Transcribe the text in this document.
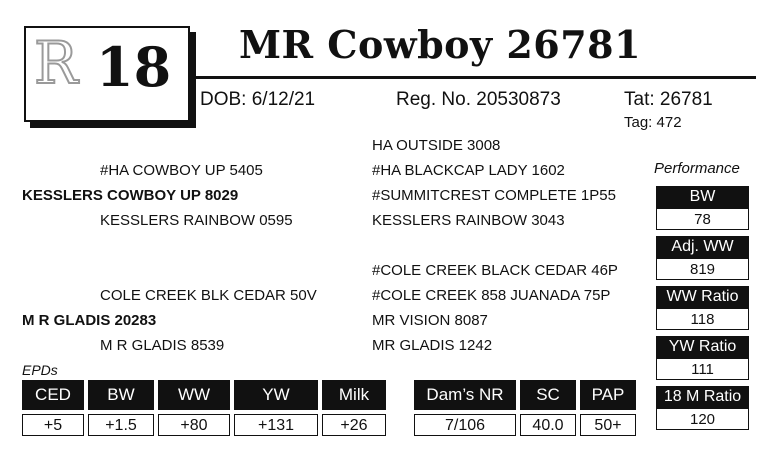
R 18 MR Cowboy 26781
DOB: 6/12/21	Reg. No. 20530873	Tat: 26781
Tag: 472
HA OUTSIDE 3008
#HA COWBOY UP 5405	#HA BLACKCAP LADY 1602
KESSLERS COWBOY UP 8029	#SUMMITCREST COMPLETE 1P55
KESSLERS RAINBOW 0595	KESSLERS RAINBOW 3043
#COLE CREEK BLACK CEDAR 46P
COLE CREEK BLK CEDAR 50V	#COLE CREEK 858 JUANADA 75P
M R GLADIS 20283	MR VISION 8087
M R GLADIS 8539	MR GLADIS 1242
Performance
BW
78
Adj. WW
819
WW Ratio
118
YW Ratio
111
18 M Ratio
120
EPDs
CED	BW	WW	YW	Milk
+5	+1.5	+80	+131	+26
Dam’s NR	SC	PAP
7/106	40.0	50+
